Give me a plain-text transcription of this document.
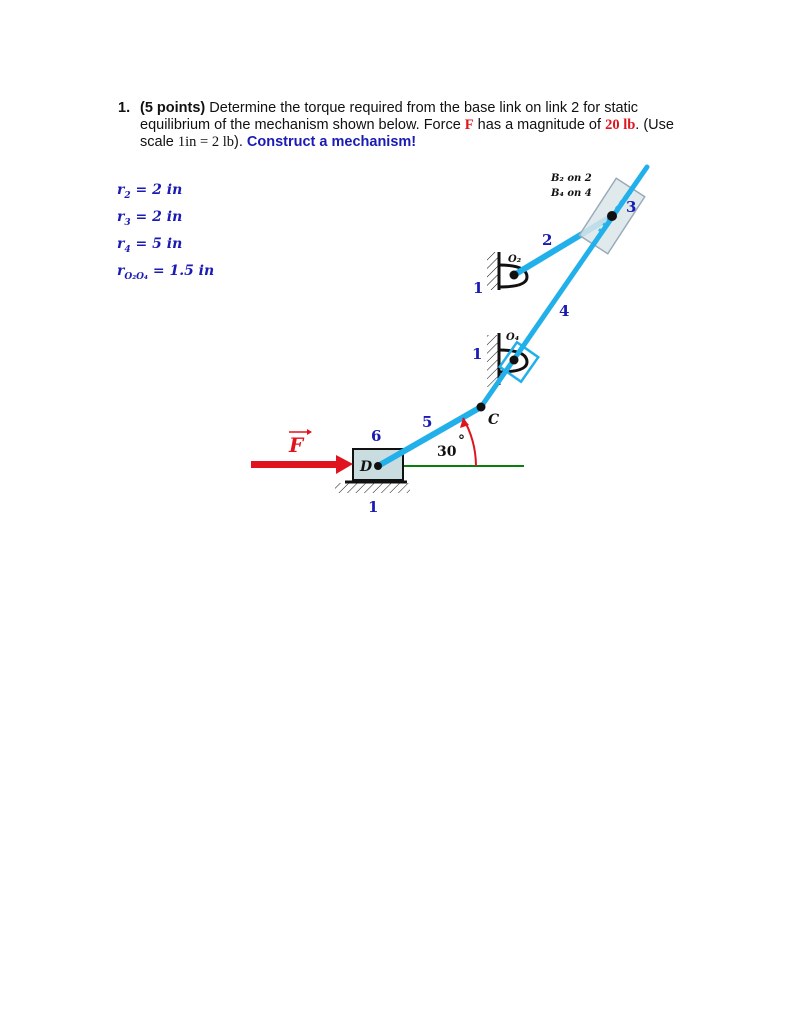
1. (5 points) Determine the torque required from the base link on link 2 for static equilibrium of the mechanism shown below. Force F has a magnitude of 20 lb. (Use scale 1in = 2 lb). Construct a mechanism!
$r_2 = 2$ in
$r_3 = 2$ in
$r_4 = 5$ in
$r_{O_2O_4} = 1.5$ in
B₂ on 2
B₄ on 4
2
3
4
5
6
1
1
1
O₂
O₄
C
D
30
°
F
